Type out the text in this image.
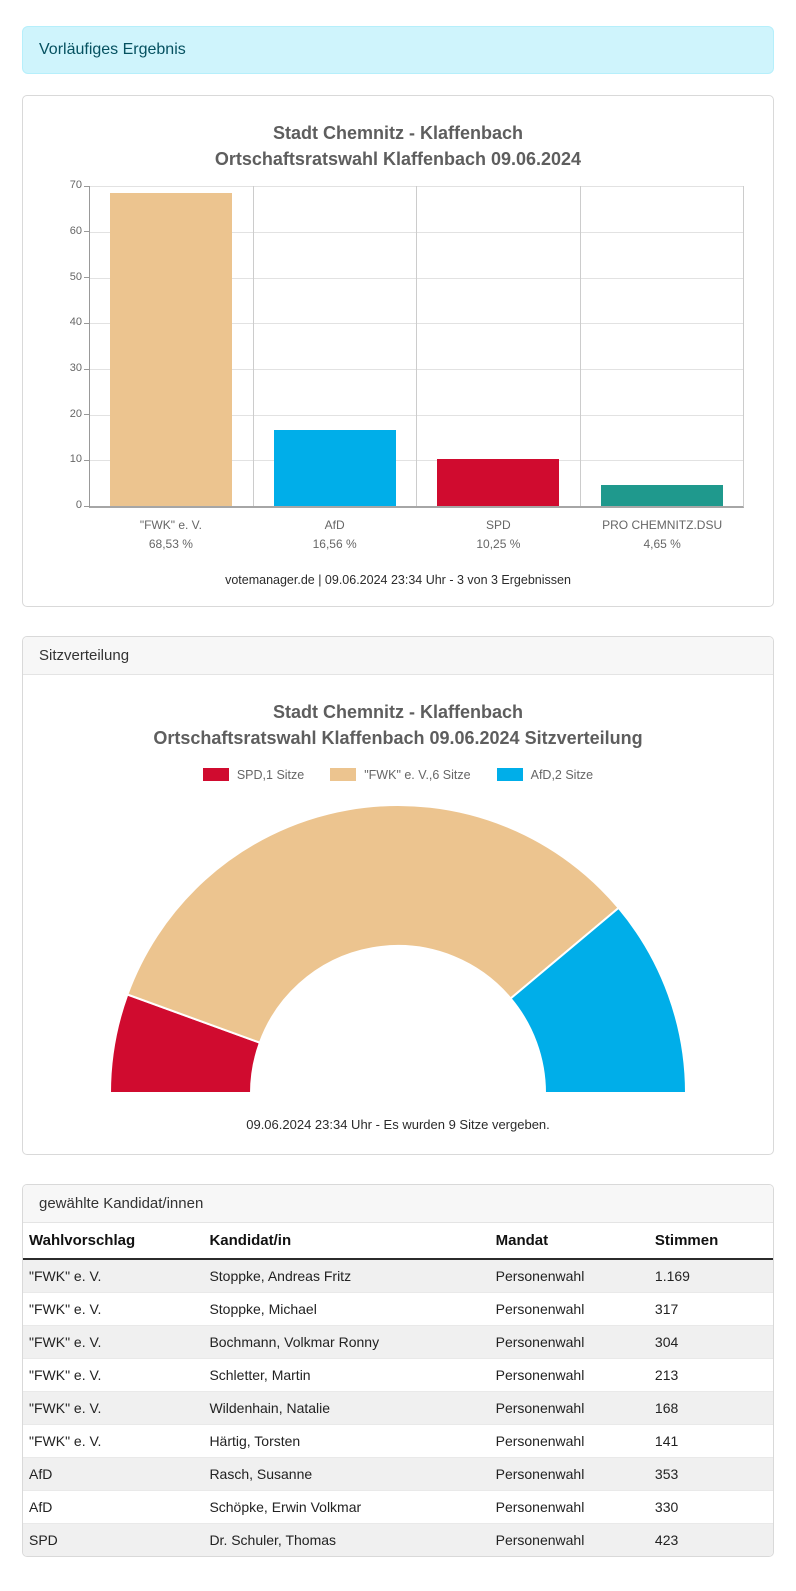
Vorläufiges Ergebnis
Stadt Chemnitz - Klaffenbach
Ortschaftsratswahl Klaffenbach 09.06.2024
0
10
20
30
40
50
60
70
"FWK" e. V.
68,53 %
AfD
16,56 %
SPD
10,25 %
PRO CHEMNITZ.DSU
4,65 %
votemanager.de | 09.06.2024 23:34 Uhr - 3 von 3 Ergebnissen
Sitzverteilung
Stadt Chemnitz - Klaffenbach
Ortschaftsratswahl Klaffenbach 09.06.2024 Sitzverteilung
SPD,1 Sitze	"FWK" e. V.,6 Sitze	AfD,2 Sitze
09.06.2024 23:34 Uhr - Es wurden 9 Sitze vergeben.
gewählte Kandidat/innen
Wahlvorschlag	Kandidat/in	Mandat	Stimmen
"FWK" e. V.	Stoppke, Andreas Fritz	Personenwahl	1.169
"FWK" e. V.	Stoppke, Michael	Personenwahl	317
"FWK" e. V.	Bochmann, Volkmar Ronny	Personenwahl	304
"FWK" e. V.	Schletter, Martin	Personenwahl	213
"FWK" e. V.	Wildenhain, Natalie	Personenwahl	168
"FWK" e. V.	Härtig, Torsten	Personenwahl	141
AfD	Rasch, Susanne	Personenwahl	353
AfD	Schöpke, Erwin Volkmar	Personenwahl	330
SPD	Dr. Schuler, Thomas	Personenwahl	423
